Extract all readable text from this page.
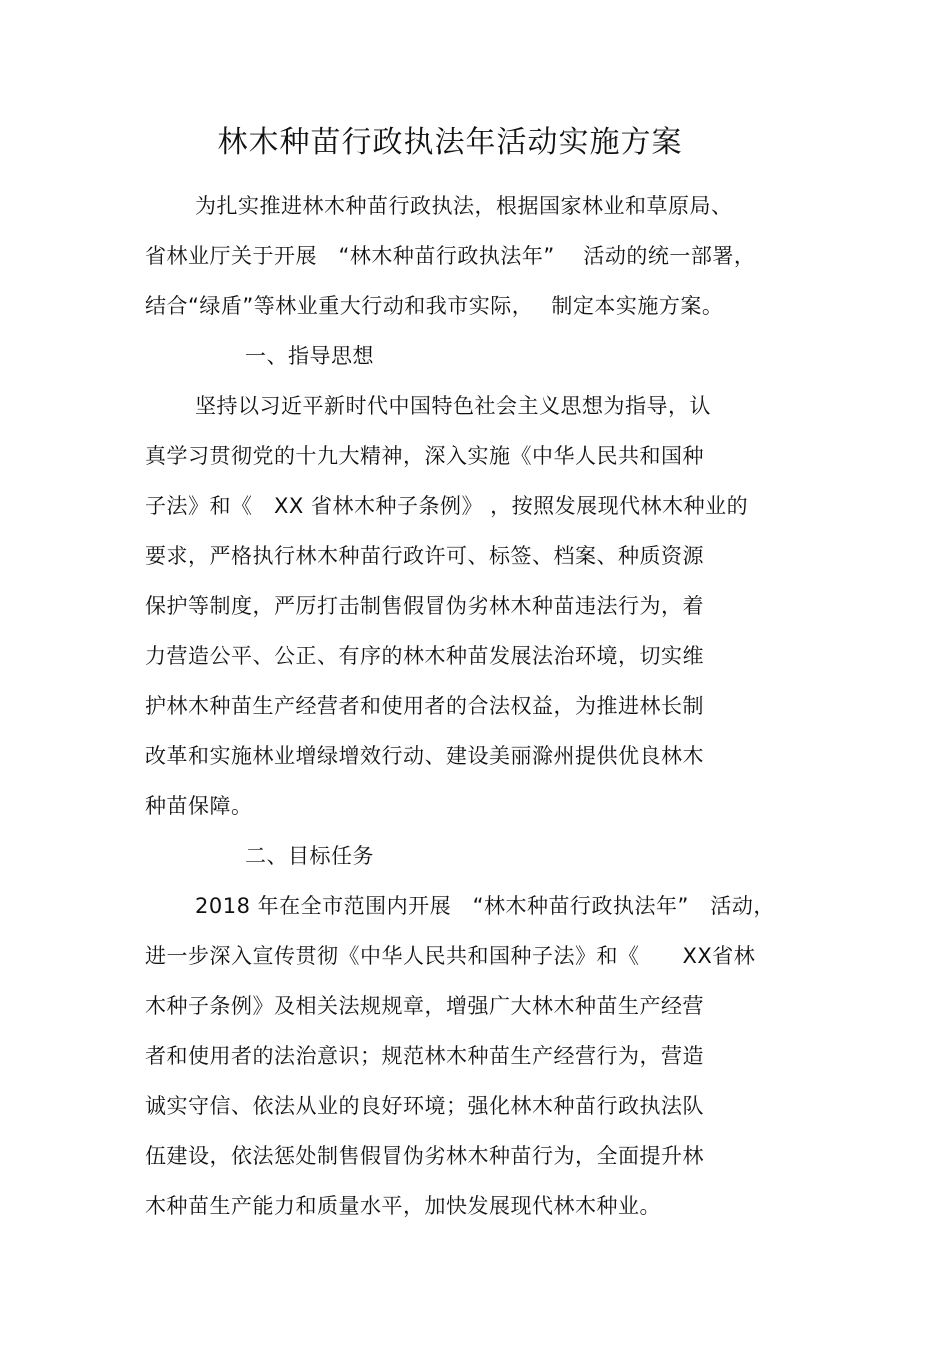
林木种苗行政执法年活动实施方案
为扎实推进林木种苗行政执法，根据国家林业和草原局、
省林业厅关于开展　“林木种苗行政执法年”　 活动的统一部署，
结合“绿盾”等林业重大行动和我市实际，　 制定本实施方案。
一、指导思想
坚持以习近平新时代中国特色社会主义思想为指导，认
真学习贯彻党的十九大精神，深入实施《中华人民共和国种
子法》和《　XX 省林木种子条例》 ，按照发展现代林木种业的
要求，严格执行林木种苗行政许可、标签、档案、种质资源
保护等制度，严厉打击制售假冒伪劣林木种苗违法行为，着
力营造公平、公正、有序的林木种苗发展法治环境，切实维
护林木种苗生产经营者和使用者的合法权益，为推进林长制
改革和实施林业增绿增效行动、建设美丽滁州提供优良林木
种苗保障。
二、目标任务
2018 年在全市范围内开展　“林木种苗行政执法年”　活动，
进一步深入宣传贯彻《中华人民共和国种子法》和《　　XX省林
木种子条例》及相关法规规章，增强广大林木种苗生产经营
者和使用者的法治意识；规范林木种苗生产经营行为，营造
诚实守信、依法从业的良好环境；强化林木种苗行政执法队
伍建设，依法惩处制售假冒伪劣林木种苗行为，全面提升林
木种苗生产能力和质量水平，加快发展现代林木种业。
